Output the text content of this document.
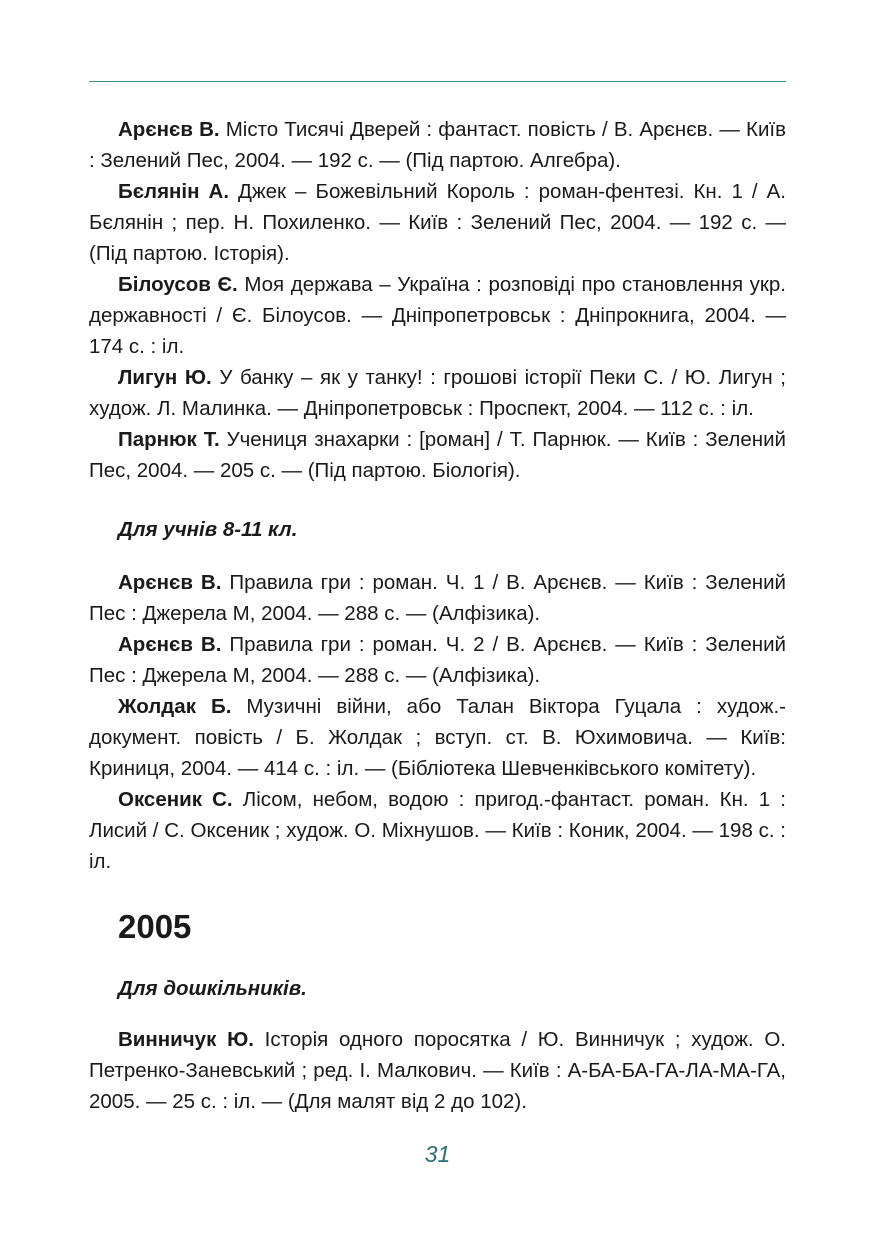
Арєнєв В. Місто Тисячі Дверей : фантаст. повість / В. Арєнєв. — Київ : Зелений Пес, 2004. — 192 с. — (Під партою. Алгебра).

Бєлянін А. Джек – Божевільний Король : роман-фентезі. Кн. 1 / А. Бєлянін ; пер. Н. Похиленко. — Київ : Зелений Пес, 2004. — 192 с. — (Під партою. Історія).

Білоусов Є. Моя держава – Україна : розповіді про становлення укр. державності / Є. Білоусов. — Дніпропетровськ : Дніпрокнига, 2004. — 174 с. : іл.

Лигун Ю. У банку – як у танку! : грошові історії Пеки С. / Ю. Лигун ; худож. Л. Малинка. — Дніпропетровськ : Проспект, 2004. — 112 с. : іл.

Парнюк Т. Учениця знахарки : [роман] / Т. Парнюк. — Київ : Зелений Пес, 2004. — 205 с. — (Під партою. Біологія).

Для учнів 8-11 кл.

Арєнєв В. Правила гри : роман. Ч. 1 / В. Арєнєв. — Київ : Зелений Пес : Джерела М, 2004. — 288 с. — (Алфізика).

Арєнєв В. Правила гри : роман. Ч. 2 / В. Арєнєв. — Київ : Зелений Пес : Джерела М, 2004. — 288 с. — (Алфізика).

Жолдак Б. Музичні війни, або Талан Віктора Гуцала : худож.-документ. повість / Б. Жолдак ; вступ. ст. В. Юхимовича. — Київ: Криниця, 2004. — 414 с. : іл. — (Бібліотека Шевченківського комітету).

Оксеник С. Лісом, небом, водою : пригод.-фантаст. роман. Кн. 1 : Лисий / С. Оксеник ; худож. О. Міхнушов. — Київ : Коник, 2004. — 198 с. : іл.

2005

Для дошкільників.

Винничук Ю. Історія одного поросятка / Ю. Винничук ; худож. О. Петренко-Заневський ; ред. І. Малкович. — Київ : А-БА-БА-ГА-ЛА-МА-ГА, 2005. — 25 с. : іл. — (Для малят від 2 до 102).

31
